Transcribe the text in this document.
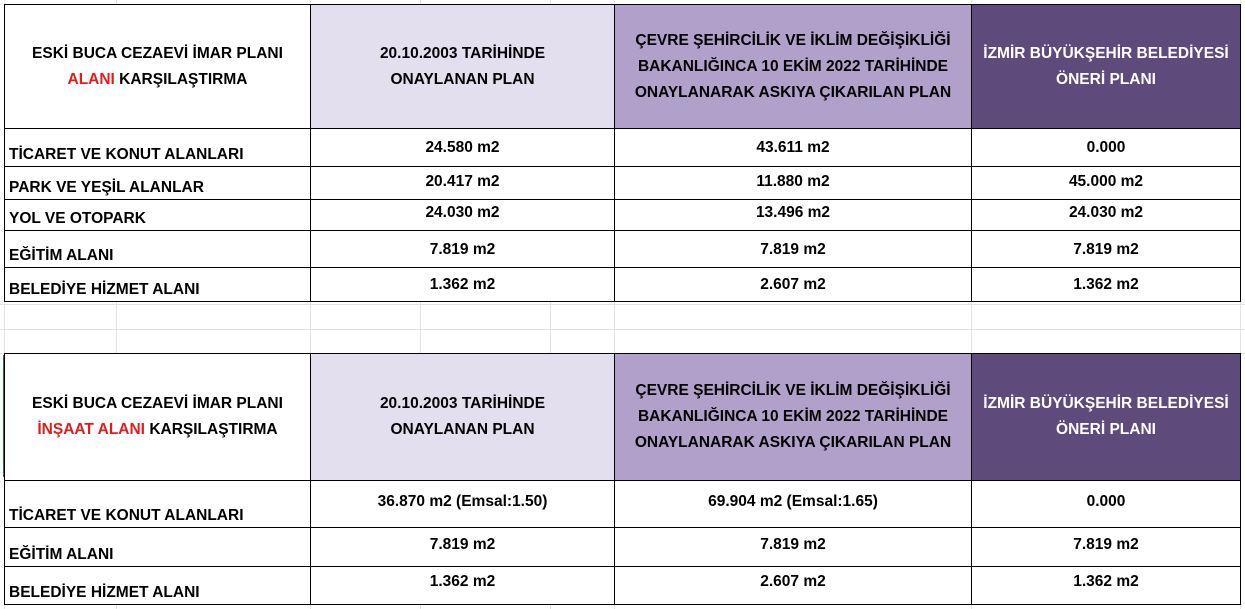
ESKİ BUCA CEZAEVİ İMAR PLANI
ALANI KARŞILAŞTIRMA	20.10.2003 TARİHİNDE ONAYLANAN PLAN	ÇEVRE ŞEHİRCİLİK VE İKLİM DEĞİŞİKLİĞİ BAKANLIĞINCA 10 EKİM 2022 TARİHİNDE ONAYLANARAK ASKIYA ÇIKARILAN PLAN	İZMİR BÜYÜKŞEHİR BELEDİYESİ ÖNERİ PLANI

TİCARET VE KONUT ALANLARI	24.580 m2	43.611 m2	0.000

PARK VE YEŞİL ALANLAR	20.417 m2	11.880 m2	45.000 m2

YOL VE OTOPARK	24.030 m2	13.496 m2	24.030 m2

EĞİTİM ALANI	7.819 m2	7.819 m2	7.819 m2

BELEDİYE HİZMET ALANI	1.362 m2	2.607 m2	1.362 m2
ESKİ BUCA CEZAEVİ İMAR PLANI
İNŞAAT ALANI KARŞILAŞTIRMA	20.10.2003 TARİHİNDE ONAYLANAN PLAN	ÇEVRE ŞEHİRCİLİK VE İKLİM DEĞİŞİKLİĞİ BAKANLIĞINCA 10 EKİM 2022 TARİHİNDE ONAYLANARAK ASKIYA ÇIKARILAN PLAN	İZMİR BÜYÜKŞEHİR BELEDİYESİ ÖNERİ PLANI

TİCARET VE KONUT ALANLARI	36.870 m2 (Emsal:1.50)	69.904 m2 (Emsal:1.65)	0.000

EĞİTİM ALANI	7.819 m2	7.819 m2	7.819 m2

BELEDİYE HİZMET ALANI	1.362 m2	2.607 m2	1.362 m2
